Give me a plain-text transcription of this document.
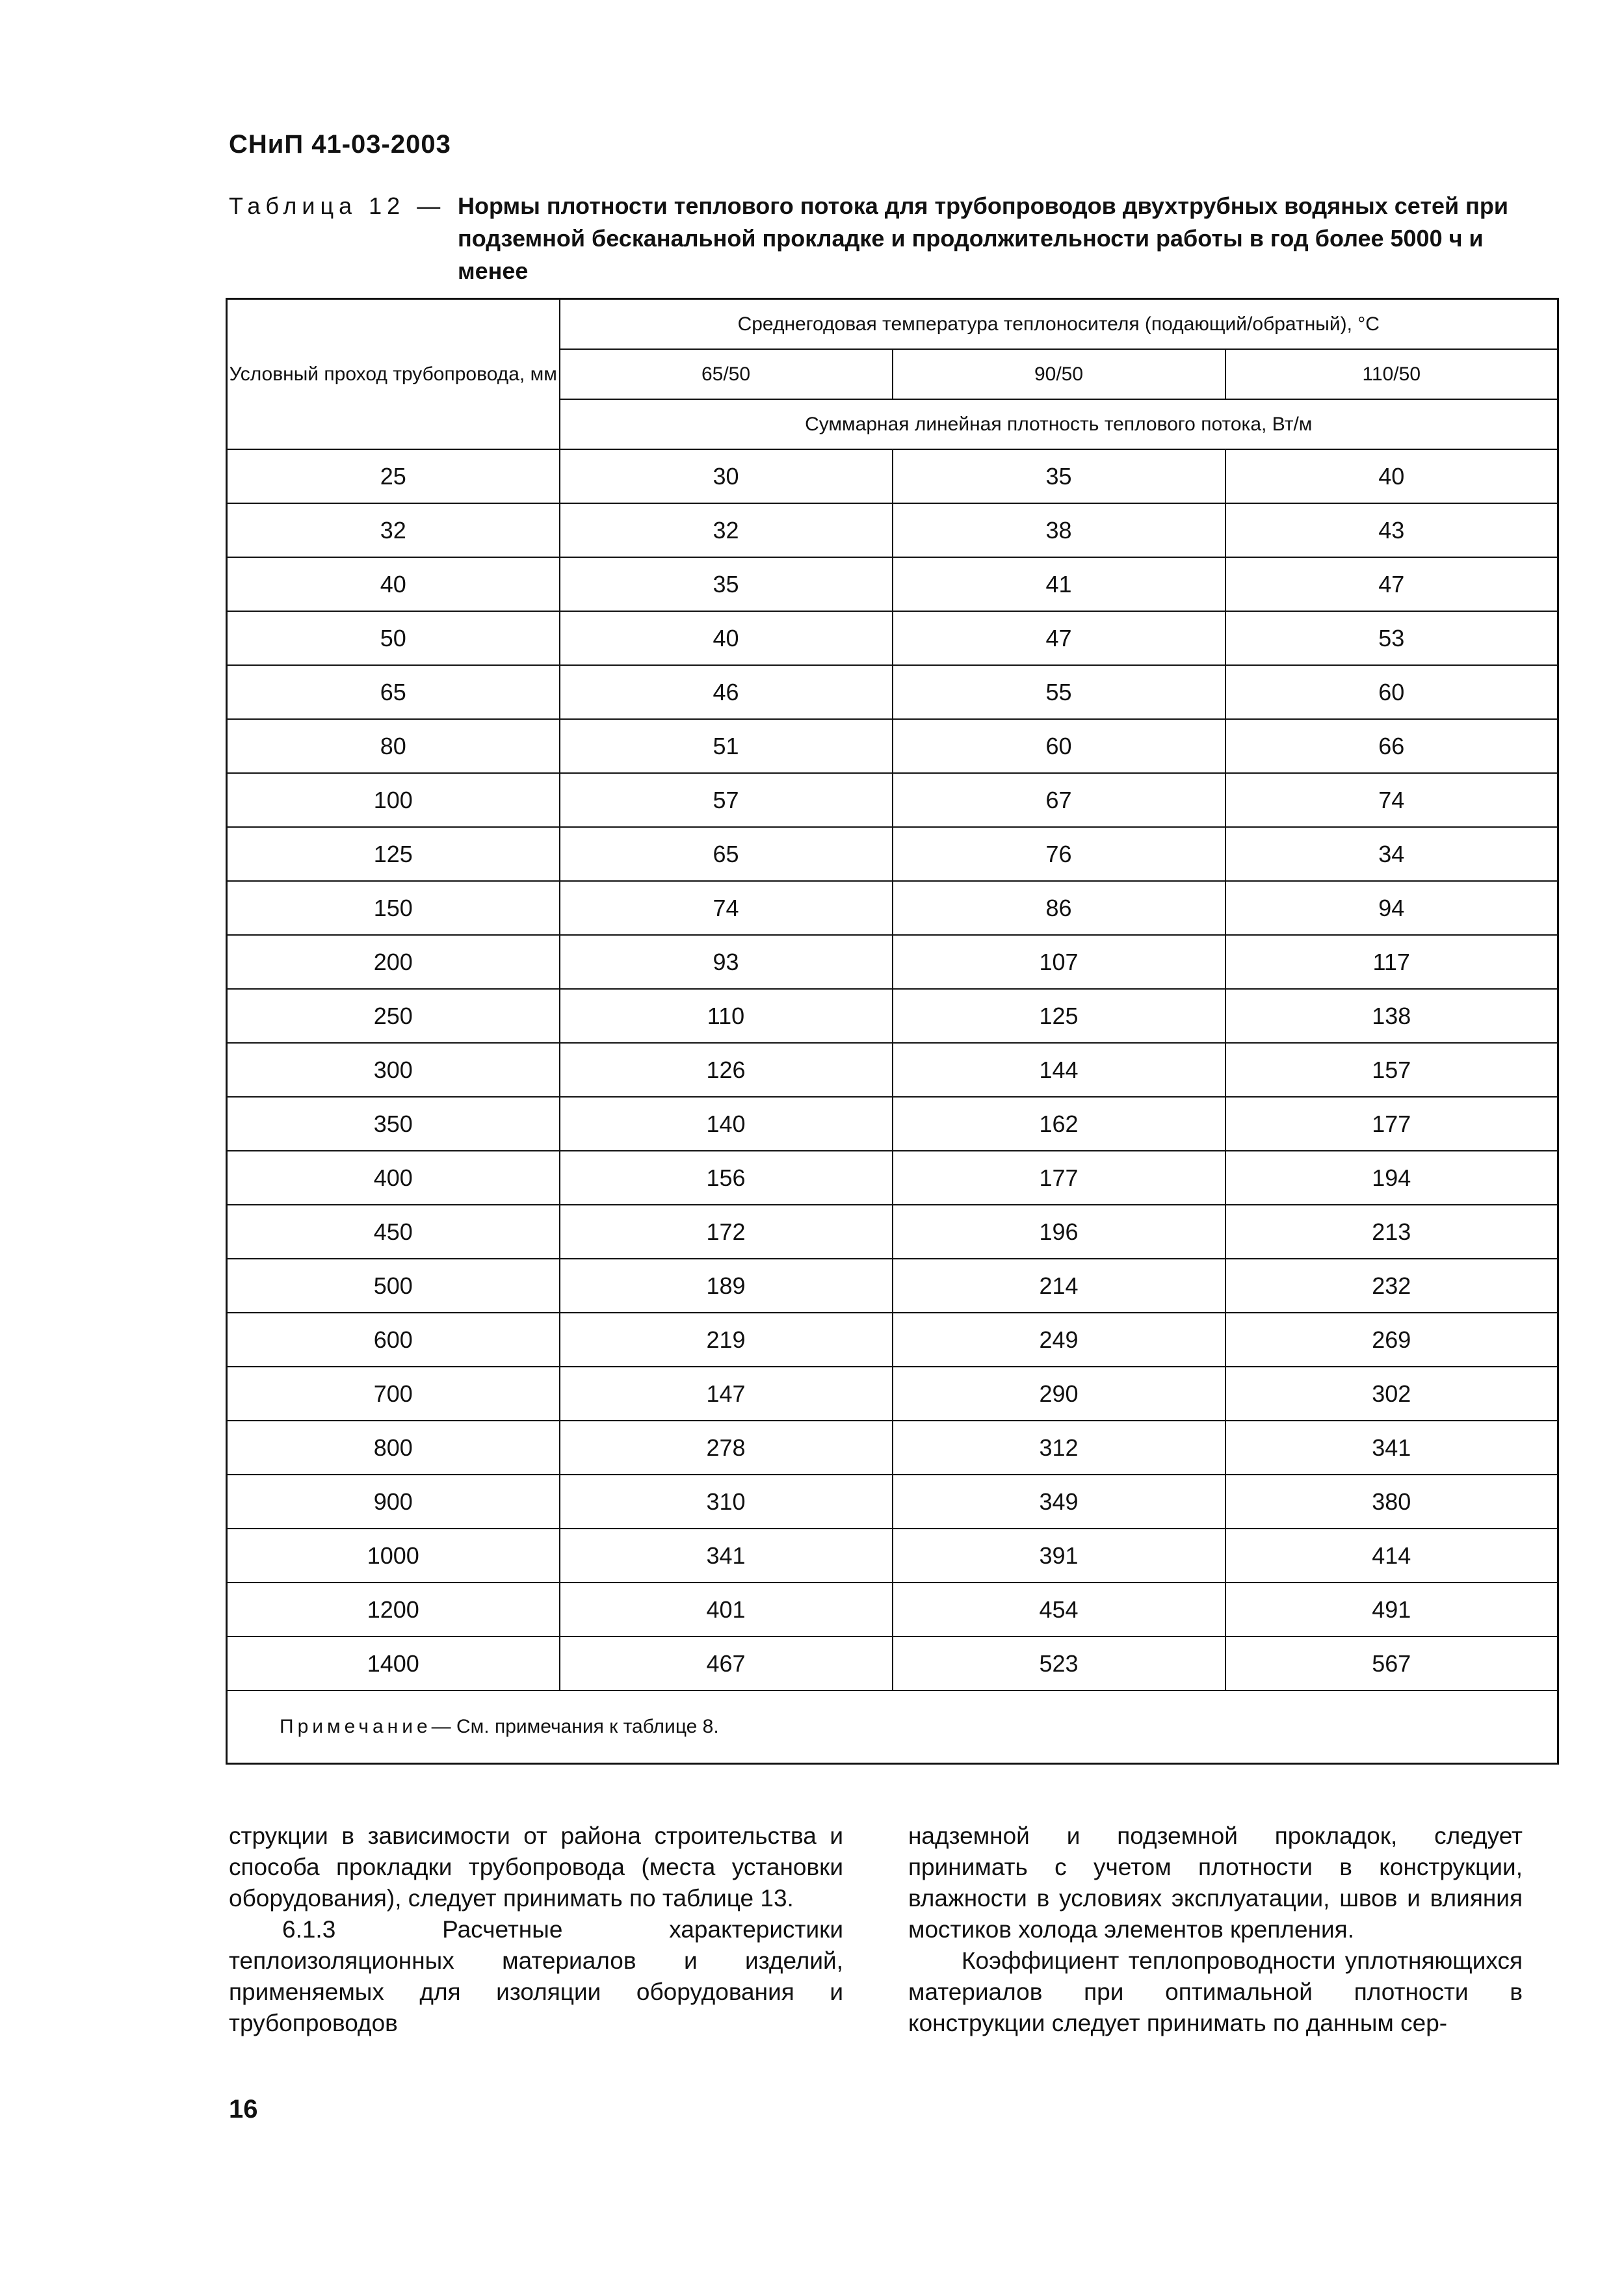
СНиП 41-03-2003
Таблица 12 — Нормы плотности теплового потока для трубопроводов двухтрубных водяных сетей при подземной бесканальной прокладке и продолжительности работы в год более 5000 ч и менее
Условный проход трубопровода, мм	Среднегодовая температура теплоносителя (подающий/обратный), °С		
	65/50	90/50	110/50
	Суммарная линейная плотность теплового потока, Вт/м		
25	30	35	40
32	32	38	43
40	35	41	47
50	40	47	53
65	46	55	60
80	51	60	66
100	57	67	74
125	65	76	34
150	74	86	94
200	93	107	117
250	110	125	138
300	126	144	157
350	140	162	177
400	156	177	194
450	172	196	213
500	189	214	232
600	219	249	269
700	147	290	302
800	278	312	341
900	310	349	380
1000	341	391	414
1200	401	454	491
1400	467	523	567
Примечание— См. примечания к таблице 8.			

струкции в зависимости от района строительства и способа прокладки трубопровода (места установки оборудования), следует принимать по таблице 13.

6.1.3 Расчетные характеристики теплоизоляционных материалов и изделий, применяемых для изоляции оборудования и трубопроводов

надземной и подземной прокладок, следует принимать с учетом плотности в конструкции, влажности в условиях эксплуатации, швов и влияния мостиков холода элементов крепления.

Коэффициент теплопроводности уплотняющихся материалов при оптимальной плотности в конструкции следует принимать по данным сер-

16
